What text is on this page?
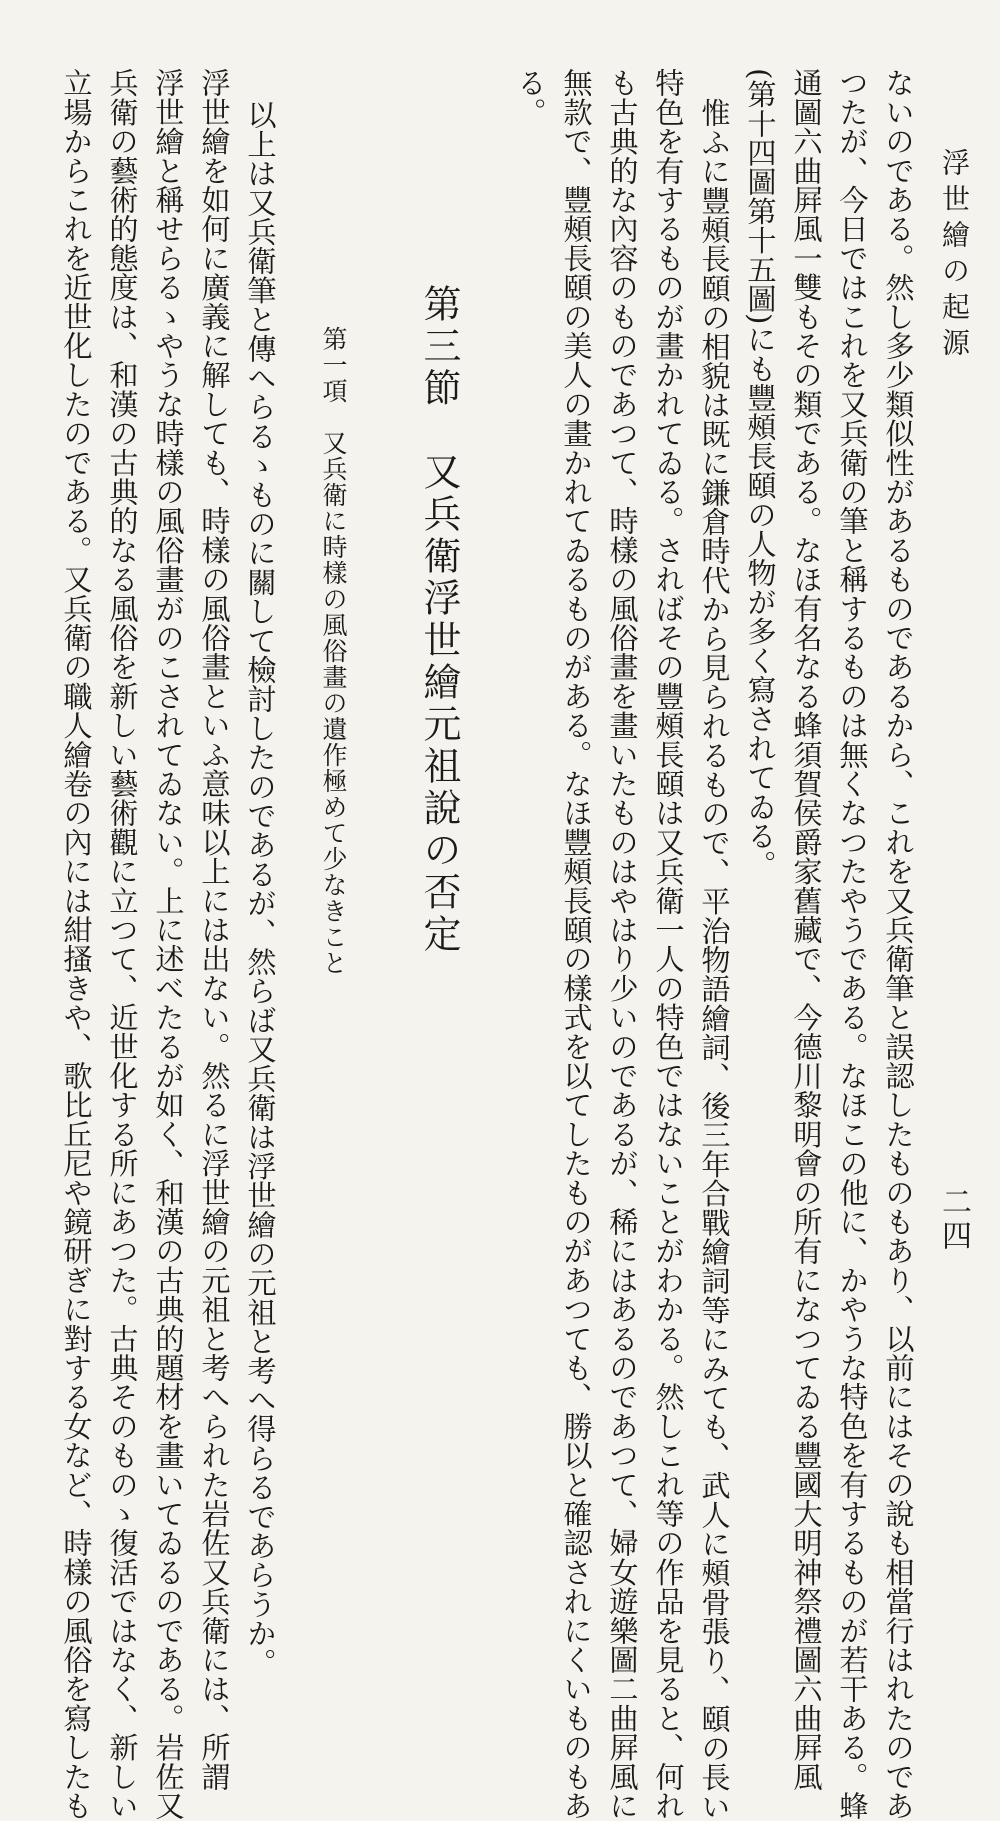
浮世繪の起源
二四
ないのである。然し多少類似性があるものであるから、これを又兵衛筆と誤認したものもあり、以前にはその說も相當行はれたのであ
つたが、今日ではこれを又兵衛の筆と稱するものは無くなつたやうである。なほこの他に、かやうな特色を有するものが若干ある。蜂
通圖六曲屛風一雙もその類である。なほ有名なる蜂須賀侯爵家舊藏で、今德川黎明會の所有になつてゐる豐國大明神祭禮圖六曲屛風
(第十四圖第十五圖)にも豐頰長頤の人物が多く寫されてゐる。
惟ふに豐頰長頤の相貌は既に鎌倉時代から見られるもので、平治物語繪詞、後三年合戰繪詞等にみても、武人に頰骨張り、頤の長い
特色を有するものが畫かれてゐる。さればその豐頰長頤は又兵衛一人の特色ではないことがわかる。然しこれ等の作品を見ると、何れ
も古典的な內容のものであつて、時樣の風俗畫を畫いたものはやはり少いのであるが、稀にはあるのであつて、婦女遊樂圖二曲屛風に
無款で、豐頰長頤の美人の畫かれてゐるものがある。なほ豐頰長頤の樣式を以てしたものがあつても、勝以と確認されにくいものもあ
る。
第三節　又兵衛浮世繪元祖說の否定
第一項　又兵衛に時樣の風俗畫の遺作極めて少なきこと
以上は又兵衛筆と傳へらるゝものに關して檢討したのであるが、然らば又兵衛は浮世繪の元祖と考へ得らるであらうか。
浮世繪を如何に廣義に解しても、時樣の風俗畫といふ意味以上には出ない。然るに浮世繪の元祖と考へられた岩佐又兵衛には、所謂
浮世繪と稱せらるゝやうな時樣の風俗畫がのこされてゐない。上に述べたるが如く、和漢の古典的題材を畫いてゐるのである。岩佐又
兵衛の藝術的態度は、和漢の古典的なる風俗を新しい藝術觀に立つて、近世化する所にあつた。古典そのものゝ復活ではなく、新しい
立場からこれを近世化したのである。又兵衛の職人繪卷の內には紺搔きや、歌比丘尼や鏡研ぎに對する女など、時樣の風俗を寫したも
